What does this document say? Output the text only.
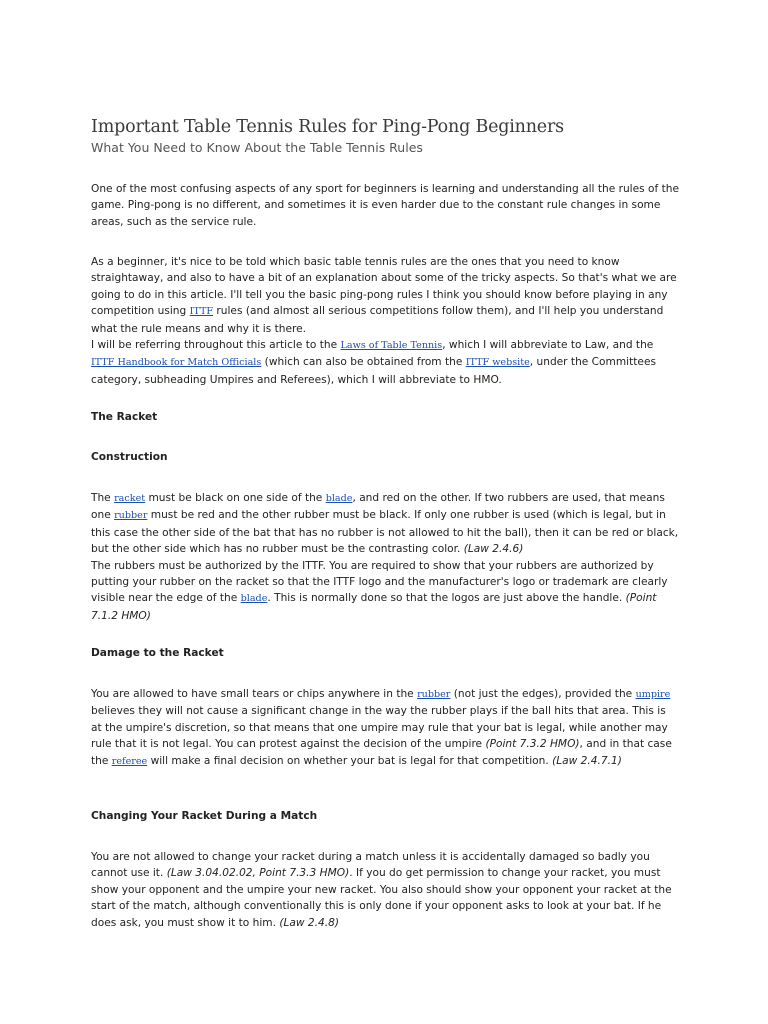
Important Table Tennis Rules for Ping-Pong Beginners
What You Need to Know About the Table Tennis Rules

One of the most confusing aspects of any sport for beginners is learning and understanding all the rules of the game. Ping-pong is no different, and sometimes it is even harder due to the constant rule changes in some areas, such as the service rule.

As a beginner, it's nice to be told which basic table tennis rules are the ones that you need to know straightaway, and also to have a bit of an explanation about some of the tricky aspects. So that's what we are going to do in this article. I'll tell you the basic ping-pong rules I think you should know before playing in any competition using ITTF rules (and almost all serious competitions follow them), and I'll help you understand what the rule means and why it is there.
I will be referring throughout this article to the Laws of Table Tennis, which I will abbreviate to Law, and the ITTF Handbook for Match Officials (which can also be obtained from the ITTF website, under the Committees category, subheading Umpires and Referees), which I will abbreviate to HMO.

The Racket
Construction

The racket must be black on one side of the blade, and red on the other. If two rubbers are used, that means one rubber must be red and the other rubber must be black. If only one rubber is used (which is legal, but in this case the other side of the bat that has no rubber is not allowed to hit the ball), then it can be red or black, but the other side which has no rubber must be the contrasting color. (Law 2.4.6)
The rubbers must be authorized by the ITTF. You are required to show that your rubbers are authorized by putting your rubber on the racket so that the ITTF logo and the manufacturer's logo or trademark are clearly visible near the edge of the blade. This is normally done so that the logos are just above the handle. (Point 7.1.2 HMO)

Damage to the Racket

You are allowed to have small tears or chips anywhere in the rubber (not just the edges), provided the umpire believes they will not cause a significant change in the way the rubber plays if the ball hits that area. This is at the umpire's discretion, so that means that one umpire may rule that your bat is legal, while another may rule that it is not legal. You can protest against the decision of the umpire (Point 7.3.2 HMO), and in that case the referee will make a final decision on whether your bat is legal for that competition. (Law 2.4.7.1)

Changing Your Racket During a Match

You are not allowed to change your racket during a match unless it is accidentally damaged so badly you cannot use it. (Law 3.04.02.02, Point 7.3.3 HMO). If you do get permission to change your racket, you must show your opponent and the umpire your new racket. You also should show your opponent your racket at the start of the match, although conventionally this is only done if your opponent asks to look at your bat. If he does ask, you must show it to him. (Law 2.4.8)
